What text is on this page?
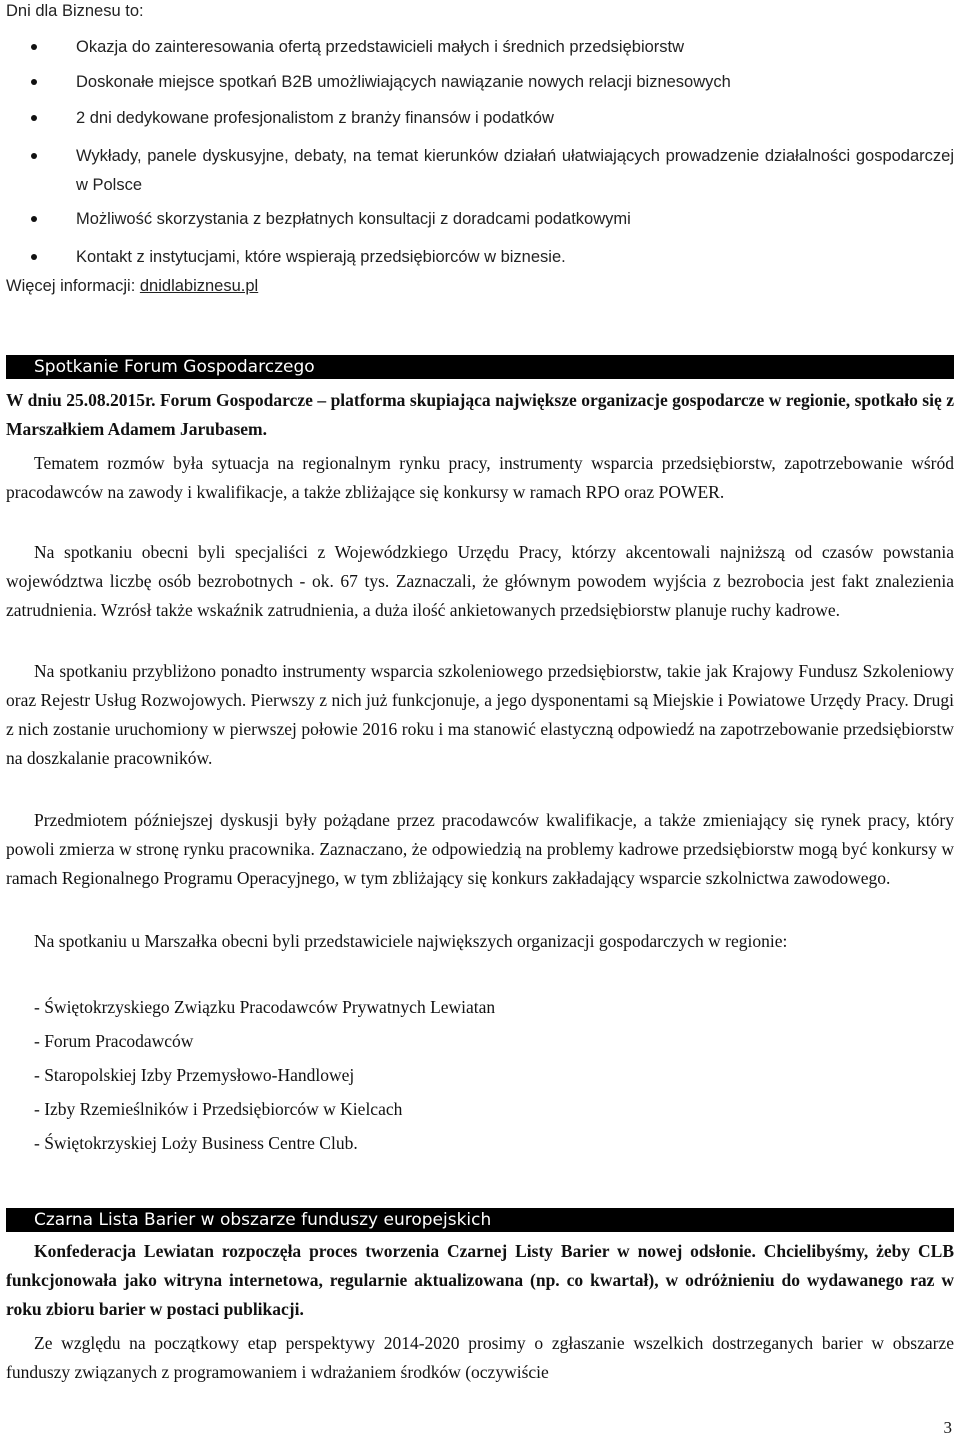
Dni dla Biznesu to:

Okazja do zainteresowania ofertą przedstawicieli małych i średnich przedsiębiorstw
Doskonałe miejsce spotkań B2B umożliwiających nawiązanie nowych relacji biznesowych
2 dni dedykowane profesjonalistom z branży finansów i podatków
Wykłady, panele dyskusyjne, debaty, na temat kierunków działań ułatwiających prowadzenie działalności gospodarczej w Polsce
Możliwość skorzystania z bezpłatnych konsultacji z doradcami podatkowymi
Kontakt z instytucjami, które wspierają przedsiębiorców w biznesie.

Więcej informacji: dnidlabiznesu.pl

Spotkanie Forum Gospodarczego

W dniu 25.08.2015r. Forum Gospodarcze – platforma skupiająca największe organizacje gospodarcze w regionie, spotkało się z Marszałkiem Adamem Jarubasem.

Tematem rozmów była sytuacja na regionalnym rynku pracy, instrumenty wsparcia przedsiębiorstw, zapotrzebowanie wśród pracodawców na zawody i kwalifikacje, a także zbliżające się konkursy w ramach RPO oraz POWER.

Na spotkaniu obecni byli specjaliści z Wojewódzkiego Urzędu Pracy, którzy akcentowali najniższą od czasów powstania województwa liczbę osób bezrobotnych - ok. 67 tys. Zaznaczali, że głównym powodem wyjścia z bezrobocia jest fakt znalezienia zatrudnienia. Wzrósł także wskaźnik zatrudnienia, a duża ilość ankietowanych przedsiębiorstw planuje ruchy kadrowe.

Na spotkaniu przybliżono ponadto instrumenty wsparcia szkoleniowego przedsiębiorstw, takie jak Krajowy Fundusz Szkoleniowy oraz Rejestr Usług Rozwojowych. Pierwszy z nich już funkcjonuje, a jego dysponentami są Miejskie i Powiatowe Urzędy Pracy. Drugi z nich zostanie uruchomiony w pierwszej połowie 2016 roku i ma stanowić elastyczną odpowiedź na zapotrzebowanie przedsiębiorstw na doszkalanie pracowników.

Przedmiotem późniejszej dyskusji były pożądane przez pracodawców kwalifikacje, a także zmieniający się rynek pracy, który powoli zmierza w stronę rynku pracownika. Zaznaczano, że odpowiedzią na problemy kadrowe przedsiębiorstw mogą być konkursy w ramach Regionalnego Programu Operacyjnego, w tym zbliżający się konkurs zakładający wsparcie szkolnictwa zawodowego.

Na spotkaniu u Marszałka obecni byli przedstawiciele największych organizacji gospodarczych w regionie:

- Świętokrzyskiego Związku Pracodawców Prywatnych Lewiatan

- Forum Pracodawców

- Staropolskiej Izby Przemysłowo-Handlowej

- Izby Rzemieślników i Przedsiębiorców w Kielcach

- Świętokrzyskiej Loży Business Centre Club.

Czarna Lista Barier w obszarze funduszy europejskich

Konfederacja Lewiatan rozpoczęła proces tworzenia Czarnej Listy Barier w nowej odsłonie. Chcielibyśmy, żeby CLB funkcjonowała jako witryna internetowa, regularnie aktualizowana (np. co kwartał), w odróżnieniu do wydawanego raz w roku zbioru barier w postaci publikacji.

Ze względu na początkowy etap perspektywy 2014-2020 prosimy o zgłaszanie wszelkich dostrzeganych barier w obszarze funduszy związanych z programowaniem i wdrażaniem środków (oczywiście

3
